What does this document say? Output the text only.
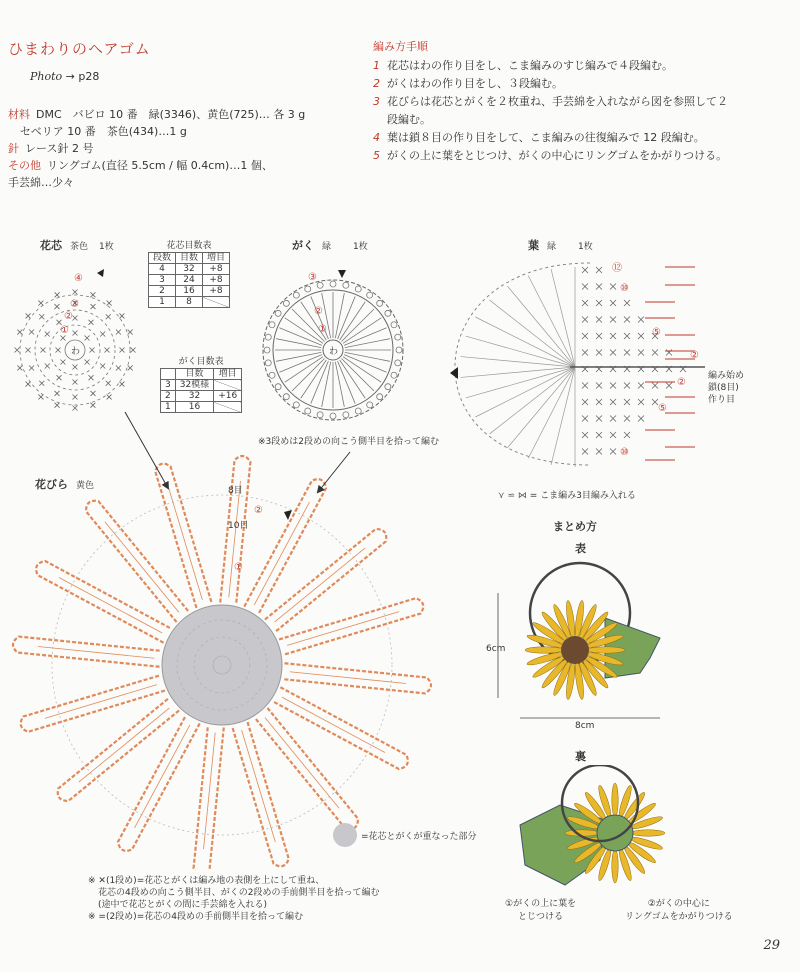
ひまわりのヘアゴム
Photo → p28
材料 DMC　バビロ 10 番　緑(3346)、黄色(725)… 各 3 g
セベリア 10 番　茶色(434)…1 g
針 レース針 2 号
その他 リングゴム(直径 5.5cm / 幅 0.4cm)…1 個、
手芸綿…少々
編み方手順
1 花芯はわの作り目をし、こま編みのすじ編みで４段編む。
2 がくはわの作り目をし、３段編む。
3 花びらは花芯とがくを２枚重ね、手芸綿を入れながら図を参照して２
段編む。
4 葉は鎖８目の作り目をして、こま編みの往復編みで 12 段編む。
5 がくの上に葉をとじつけ、がくの中心にリングゴムをかがりつける。
花芯 茶色　 1枚
わ
④
③
②
①
花芯目数表
段数	目数	増目
4	32	+8
3	24	+8
2	16	+8
1	8	
がく目数表
	目数	増目
3	32模様	
2	32	+16
1	16	
がく 緑　　 1枚
わ
③
②
①
※3段めは2段めの向こう側半目を拾って編む
葉 緑　　 1枚
⑫
⑩
⑤
②
②
⑤
⑩
編み始め
鎖(8目)
作り目
⋎ ⋍ ⋈ = こま編み3目編み入れる
花びら 黄色	8目
10目
②
①
=花芯とがくが重なった部分
まとめ方
表
6cm
8cm
裏
①がくの上に葉を
とじつける
②がくの中心に
リングゴムをかがりつける
※ ✕(1段め)=花芯とがくは編み地の表側を上にして重ね、
花芯の4段めの向こう側半目、がくの2段めの手前側半目を拾って編む
(途中で花芯とがくの間に手芸綿を入れる)
※ =(2段め)=花芯の4段めの手前側半目を拾って編む
29
